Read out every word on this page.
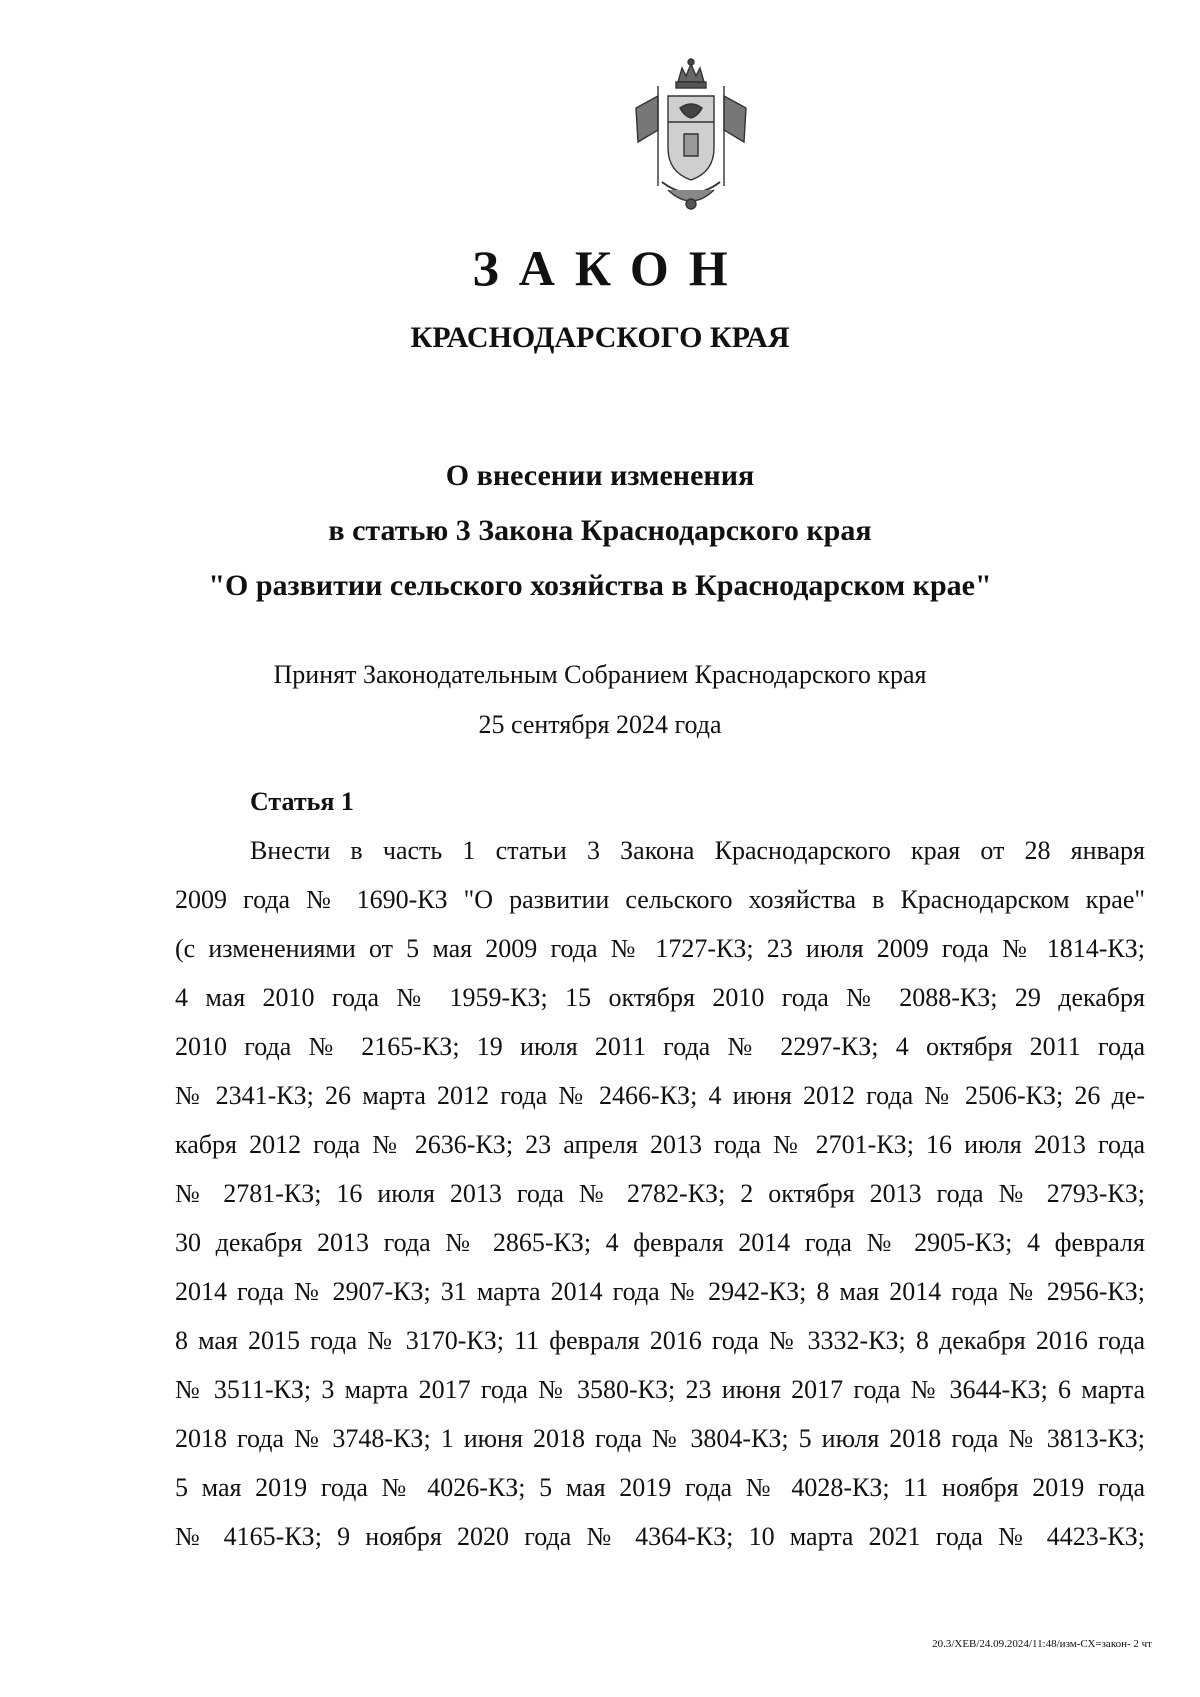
ЗАКОН
КРАСНОДАРСКОГО КРАЯ
О внесении изменения
в статью 3 Закона Краснодарского края
"О развитии сельского хозяйства в Краснодарском крае"
Принят Законодательным Собранием Краснодарского края
25 сентября 2024 года
Статья 1
Внести в часть 1 статьи 3 Закона Краснодарского края от 28 января
2009 года № 1690-КЗ "О развитии сельского хозяйства в Краснодарском крае"
(с изменениями от 5 мая 2009 года № 1727-КЗ; 23 июля 2009 года № 1814-КЗ;
4 мая 2010 года № 1959-КЗ; 15 октября 2010 года № 2088-КЗ; 29 декабря
2010 года № 2165-КЗ; 19 июля 2011 года № 2297-КЗ; 4 октября 2011 года
№ 2341-КЗ; 26 марта 2012 года № 2466-КЗ; 4 июня 2012 года № 2506-КЗ; 26 де-
кабря 2012 года № 2636-КЗ; 23 апреля 2013 года № 2701-КЗ; 16 июля 2013 года
№ 2781-КЗ; 16 июля 2013 года № 2782-КЗ; 2 октября 2013 года № 2793-КЗ;
30 декабря 2013 года № 2865-КЗ; 4 февраля 2014 года № 2905-КЗ; 4 февраля
2014 года № 2907-КЗ; 31 марта 2014 года № 2942-КЗ; 8 мая 2014 года № 2956-КЗ;
8 мая 2015 года № 3170-КЗ; 11 февраля 2016 года № 3332-КЗ; 8 декабря 2016 года
№ 3511-КЗ; 3 марта 2017 года № 3580-КЗ; 23 июня 2017 года № 3644-КЗ; 6 марта
2018 года № 3748-КЗ; 1 июня 2018 года № 3804-КЗ; 5 июля 2018 года № 3813-КЗ;
5 мая 2019 года № 4026-КЗ; 5 мая 2019 года № 4028-КЗ; 11 ноября 2019 года
№ 4165-КЗ; 9 ноября 2020 года № 4364-КЗ; 10 марта 2021 года № 4423-КЗ;
20.3/ХЕВ/24.09.2024/11:48/изм-СХ=закон- 2 чт
